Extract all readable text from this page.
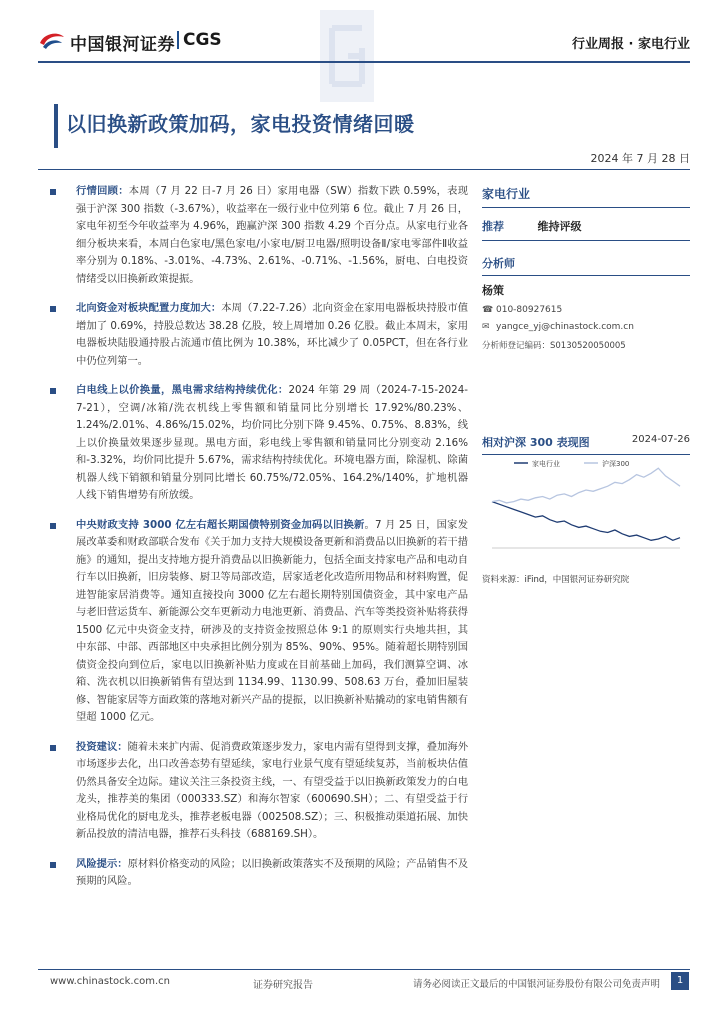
中国银河证券 CGS	行业周报 · 家电行业
以旧换新政策加码，家电投资情绪回暖
2024 年 7 月 28 日
行情回顾：本周（7 月 22 日-7 月 26 日）家用电器（SW）指数下跌 0.59%，表现强于沪深 300 指数（-3.67%），收益率在一级行业中位列第 6 位。截止 7 月 26 日，家电年初至今年收益率为 4.96%，跑赢沪深 300 指数 4.29 个百分点。从家电行业各细分板块来看，本周白色家电/黑色家电/小家电/厨卫电器/照明设备Ⅱ/家电零部件Ⅱ收益率分别为 0.18%、-3.01%、-4.73%、2.61%、-0.71%、-1.56%，厨电、白电投资情绪受以旧换新政策提振。
北向资金对板块配置力度加大：本周（7.22-7.26）北向资金在家用电器板块持股市值增加了 0.69%，持股总数达 38.28 亿股，较上周增加 0.26 亿股。截止本周末，家用电器板块陆股通持股占流通市值比例为 10.38%，环比减少了 0.05PCT，但在各行业中仍位列第一。
白电线上以价换量，黑电需求结构持续优化：2024 年第 29 周（2024-7-15-2024-7-21），空调/冰箱/洗衣机线上零售额和销量同比分别增长 17.92%/80.23%、1.24%/2.01%、4.86%/15.02%，均价同比分别下降 9.45%、0.75%、8.83%，线上以价换量效果逐步显现。黑电方面，彩电线上零售额和销量同比分别变动 2.16%和-3.32%，均价同比提升 5.67%，需求结构持续优化。环境电器方面，除湿机、除菌机器人线下销额和销量分别同比增长 60.75%/72.05%、164.2%/140%，扩地机器人线下销售增势有所放缓。
中央财政支持 3000 亿左右超长期国债特别资金加码以旧换新。7 月 25 日，国家发展改革委和财政部联合发布《关于加力支持大规模设备更新和消费品以旧换新的若干措施》的通知，提出支持地方提升消费品以旧换新能力，包括全面支持家电产品和电动自行车以旧换新，旧房装修、厨卫等局部改造，居家适老化改造所用物品和材料购置，促进智能家居消费等。通知直接投向 3000 亿左右超长期特别国债资金，其中家电产品与老旧营运货车、新能源公交车更新动力电池更新、消费品、汽车等类投资补贴将获得 1500 亿元中央资金支持，研涉及的支持资金按照总体 9:1 的原则实行央地共担，其中东部、中部、西部地区中央承担比例分别为 85%、90%、95%。随着超长期特别国债资金投向到位后，家电以旧换新补贴力度或在目前基础上加码，我们测算空调、冰箱、洗衣机以旧换新销售有望达到 1134.99、1130.99、508.63 万台，叠加旧屋装修、智能家居等方面政策的落地对新兴产品的提振，以旧换新补贴撬动的家电销售额有望超 1000 亿元。
投资建议：随着未来扩内需、促消费政策逐步发力，家电内需有望得到支撑，叠加海外市场逐步去化，出口改善态势有望延续，家电行业景气度有望延续复苏，当前板块估值仍然具备安全边际。建议关注三条投资主线，一、有望受益于以旧换新政策发力的白电龙头，推荐美的集团（000333.SZ）和海尔智家（600690.SH）；二、有望受益于行业格局优化的厨电龙头，推荐老板电器（002508.SZ）；三、积极推动渠道拓展、加快新品投放的清洁电器，推荐石头科技（688169.SH）。
风险提示：原材料价格变动的风险；以旧换新政策落实不及预期的风险；产品销售不及预期的风险。
家电行业
推荐	维持评级
分析师
杨策
☎ 010-80927615
✉ yangce_yj@chinastock.com.cn
分析师登记编码：S0130520050005
相对沪深 300 表现图	2024-07-26
家电行业	沪深300
资料来源：iFind，中国银河证券研究院
www.chinastock.com.cn	证券研究报告	请务必阅读正文最后的中国银河证券股份有限公司免责声明	1
